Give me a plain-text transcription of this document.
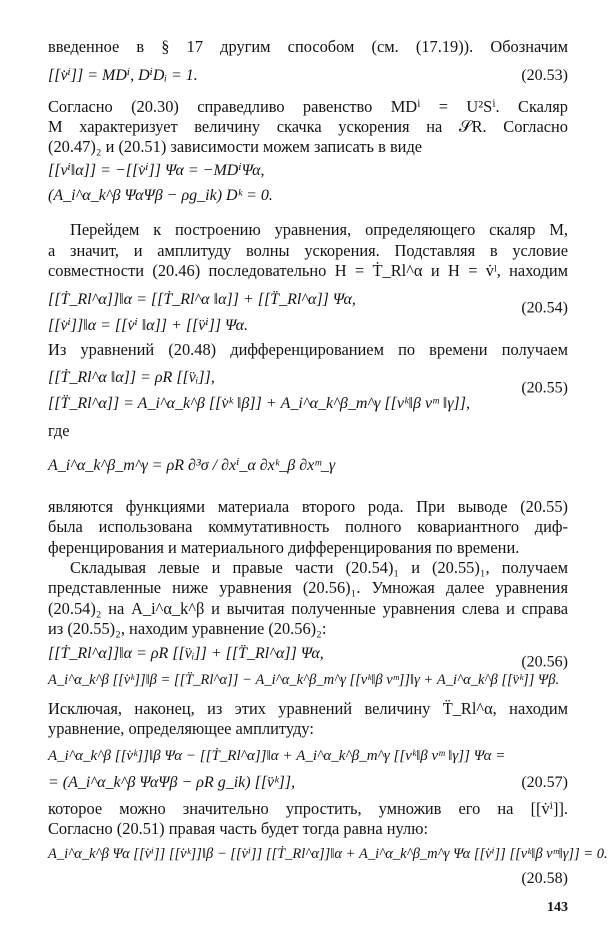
введенное в § 17 другим способом (см. (17.19)). Обозначим
[[v̇ⁱ]] = MDⁱ, DⁱDᵢ = 1.	(20.53)
Согласно (20.30) справедливо равенство MDⁱ = U²Sⁱ. Скаляр
M характеризует величину скачка ускорения на 𝒮R. Согласно
(20.47)₂ и (20.51) зависимости можем записать в виде
[[vⁱ‖α]] = −[[v̇ⁱ]] Ψα = −MDⁱΨα,
(A_i^α_k^β ΨαΨβ − ρg_ik) Dᵏ = 0.
Перейдем к построению уравнения, определяющего скаляр M,
а значит, и амплитуду волны ускорения. Подставляя в условие
совместности (20.46) последовательно H = Ṫ_Rl^α и H = v̇ˡ, находим
[[Ṫ_Rl^α]]‖α = [[Ṫ_Rl^α ‖α]] + [[T̈_Rl^α]] Ψα,
[[v̇ⁱ]]‖α = [[v̇ⁱ ‖α]] + [[v̈ⁱ]] Ψα.
(20.54)
Из уравнений (20.48) дифференцированием по времени получаем
[[Ṫ_Rl^α ‖α]] = ρR [[v̈ᵢ]],
[[T̈_Rl^α]] = A_i^α_k^β [[v̇ᵏ ‖β]] + A_i^α_k^β_m^γ [[vᵏ‖β vᵐ ‖γ]],
(20.55)
где
A_i^α_k^β_m^γ = ρR ∂³σ / ∂xⁱ_α ∂xᵏ_β ∂xᵐ_γ
являются функциями материала второго рода. При выводе (20.55)
была использована коммутативность полного ковариантного диф-
ференцирования и материального дифференцирования по времени.
Складывая левые и правые части (20.54)₁ и (20.55)₁, получаем
представленные ниже уравнения (20.56)₁. Умножая далее уравнения
(20.54)₂ на A_i^α_k^β и вычитая полученные уравнения слева и справа
из (20.55)₂, находим уравнение (20.56)₂:
[[Ṫ_Rl^α]]‖α = ρR [[v̈ᵢ]] + [[T̈_Rl^α]] Ψα,
A_i^α_k^β [[v̇ᵏ]]‖β = [[T̈_Rl^α]] − A_i^α_k^β_m^γ [[vᵏ‖β vᵐ]]‖γ + A_i^α_k^β [[v̈ᵏ]] Ψβ.
(20.56)
Исключая, наконец, из этих уравнений величину T̈_Rl^α, находим
уравнение, определяющее амплитуду:
A_i^α_k^β [[v̇ᵏ]]‖β Ψα − [[Ṫ_Rl^α]]‖α + A_i^α_k^β_m^γ [[vᵏ‖β vᵐ ‖γ]] Ψα =
= (A_i^α_k^β ΨαΨβ − ρR g_ik) [[v̈ᵏ]],	(20.57)
которое можно значительно упростить, умножив его на [[v̇ⁱ]].
Согласно (20.51) правая часть будет тогда равна нулю:
A_i^α_k^β Ψα [[v̇ⁱ]] [[v̇ᵏ]]‖β − [[v̇ⁱ]] [[Ṫ_Rl^α]]‖α + A_i^α_k^β_m^γ Ψα [[v̇ⁱ]] [[vᵏ‖β vᵐ‖γ]] = 0.
(20.58)
143
